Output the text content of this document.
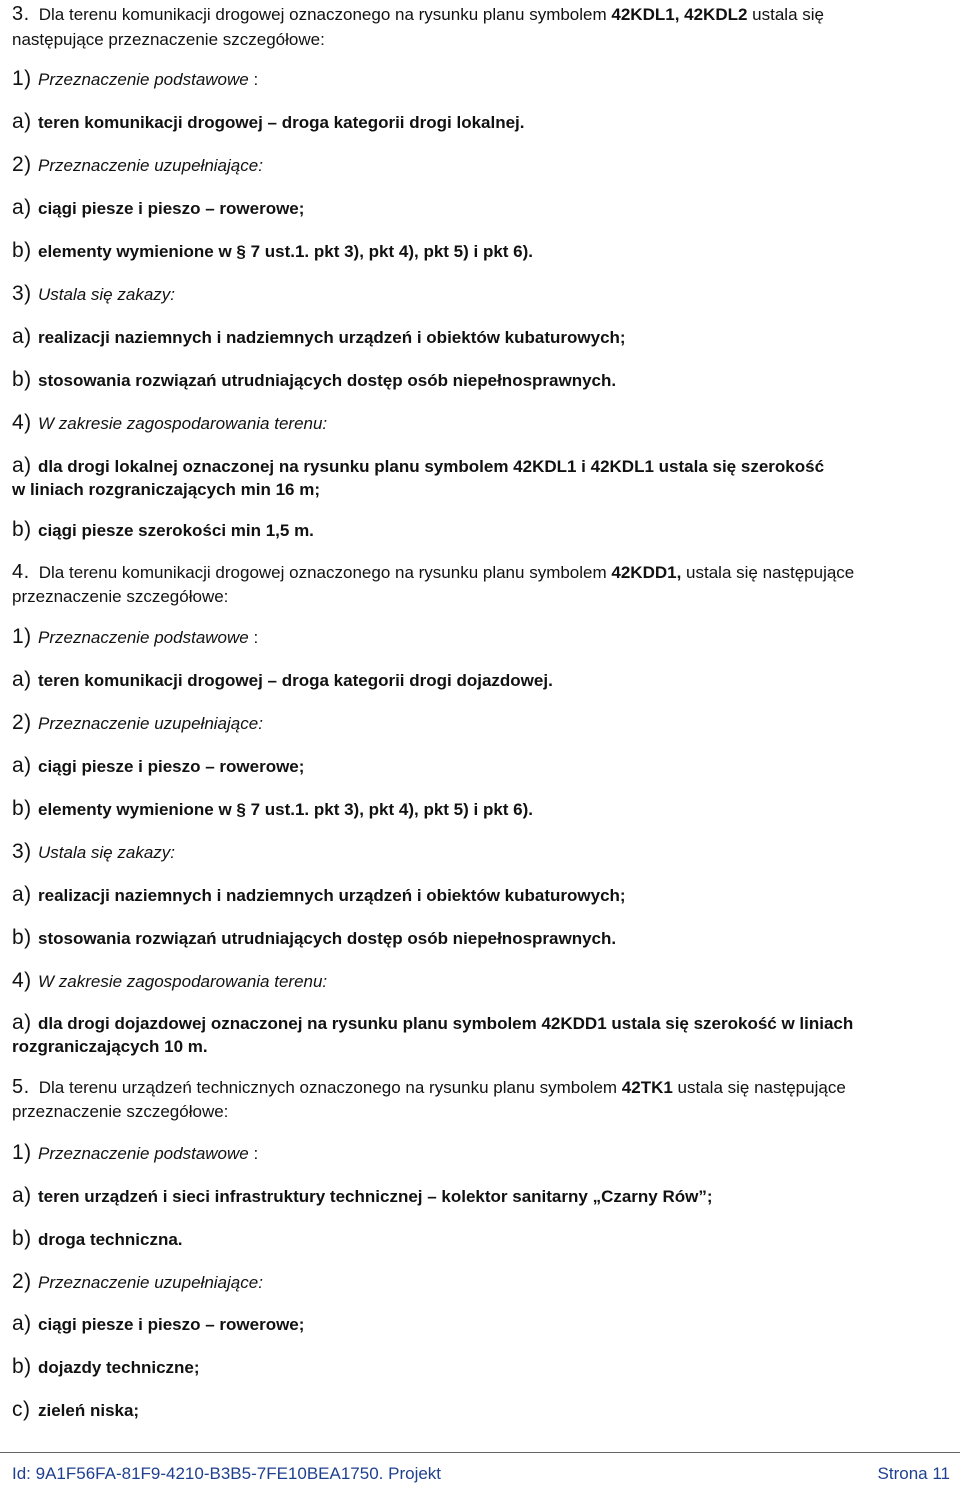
3. Dla terenu komunikacji drogowej oznaczonego na rysunku planu symbolem 42KDL1, 42KDL2 ustala się
następujące przeznaczenie szczegółowe:
1) Przeznaczenie podstawowe :
a) teren komunikacji drogowej – droga kategorii drogi lokalnej.
2) Przeznaczenie uzupełniające:
a) ciągi piesze i pieszo – rowerowe;
b) elementy wymienione w § 7 ust.1. pkt 3), pkt 4), pkt 5) i pkt 6).
3) Ustala się zakazy:
a) realizacji naziemnych i nadziemnych urządzeń i obiektów kubaturowych;
b) stosowania rozwiązań utrudniających dostęp osób niepełnosprawnych.
4) W zakresie zagospodarowania terenu:
a) dla drogi lokalnej oznaczonej na rysunku planu symbolem 42KDL1 i 42KDL1 ustala się szerokość
w liniach rozgraniczających min 16 m;
b) ciągi piesze szerokości min 1,5 m.
4. Dla terenu komunikacji drogowej oznaczonego na rysunku planu symbolem 42KDD1, ustala się następujące
przeznaczenie szczegółowe:
1) Przeznaczenie podstawowe :
a) teren komunikacji drogowej – droga kategorii drogi dojazdowej.
2) Przeznaczenie uzupełniające:
a) ciągi piesze i pieszo – rowerowe;
b) elementy wymienione w § 7 ust.1. pkt 3), pkt 4), pkt 5) i pkt 6).
3) Ustala się zakazy:
a) realizacji naziemnych i nadziemnych urządzeń i obiektów kubaturowych;
b) stosowania rozwiązań utrudniających dostęp osób niepełnosprawnych.
4) W zakresie zagospodarowania terenu:
a) dla drogi dojazdowej oznaczonej na rysunku planu symbolem 42KDD1 ustala się szerokość w liniach
rozgraniczających 10 m.
5. Dla terenu urządzeń technicznych oznaczonego na rysunku planu symbolem 42TK1 ustala się następujące
przeznaczenie szczegółowe:
1) Przeznaczenie podstawowe :
a) teren urządzeń i sieci infrastruktury technicznej – kolektor sanitarny „Czarny Rów”;
b) droga techniczna.
2) Przeznaczenie uzupełniające:
a) ciągi piesze i pieszo – rowerowe;
b) dojazdy techniczne;
c) zieleń niska;
Id: 9A1F56FA-81F9-4210-B3B5-7FE10BEA1750. Projekt	Strona 11
